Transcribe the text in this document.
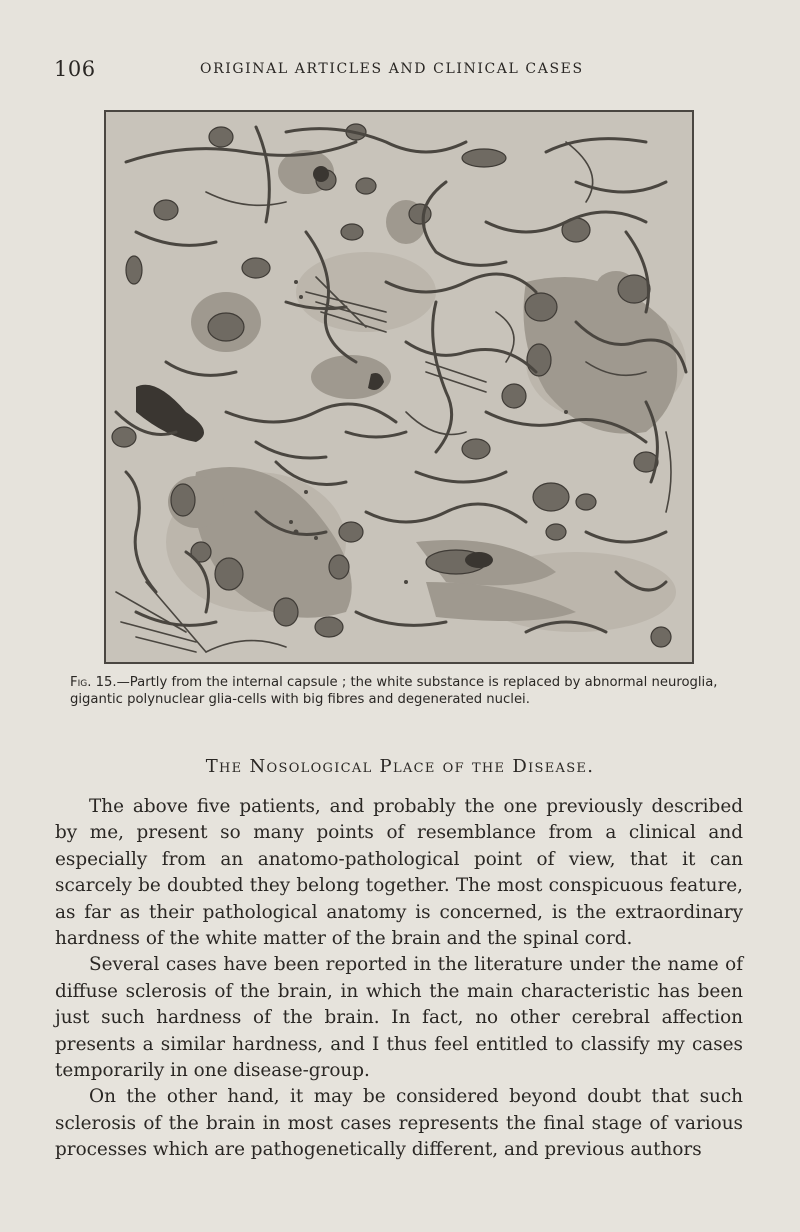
106	ORIGINAL ARTICLES AND CLINICAL CASES
Fig. 15.—Partly from the internal capsule ; the white substance is replaced by abnormal neuroglia, gigantic polynuclear glia-cells with big fibres and degenerated nuclei.
The Nosological Place of the Disease.

The above five patients, and probably the one previously described by me, present so many points of resemblance from a clinical and especially from an anatomo-pathological point of view, that it can scarcely be doubted they belong together. The most conspicuous feature, as far as their pathological anatomy is concerned, is the extraordinary hardness of the white matter of the brain and the spinal cord.

Several cases have been reported in the literature under the name of diffuse sclerosis of the brain, in which the main characteristic has been just such hardness of the brain. In fact, no other cerebral affection presents a similar hardness, and I thus feel entitled to classify my cases temporarily in one disease-group.

On the other hand, it may be considered beyond doubt that such sclerosis of the brain in most cases represents the final stage of various processes which are pathogenetically different, and previous authors
